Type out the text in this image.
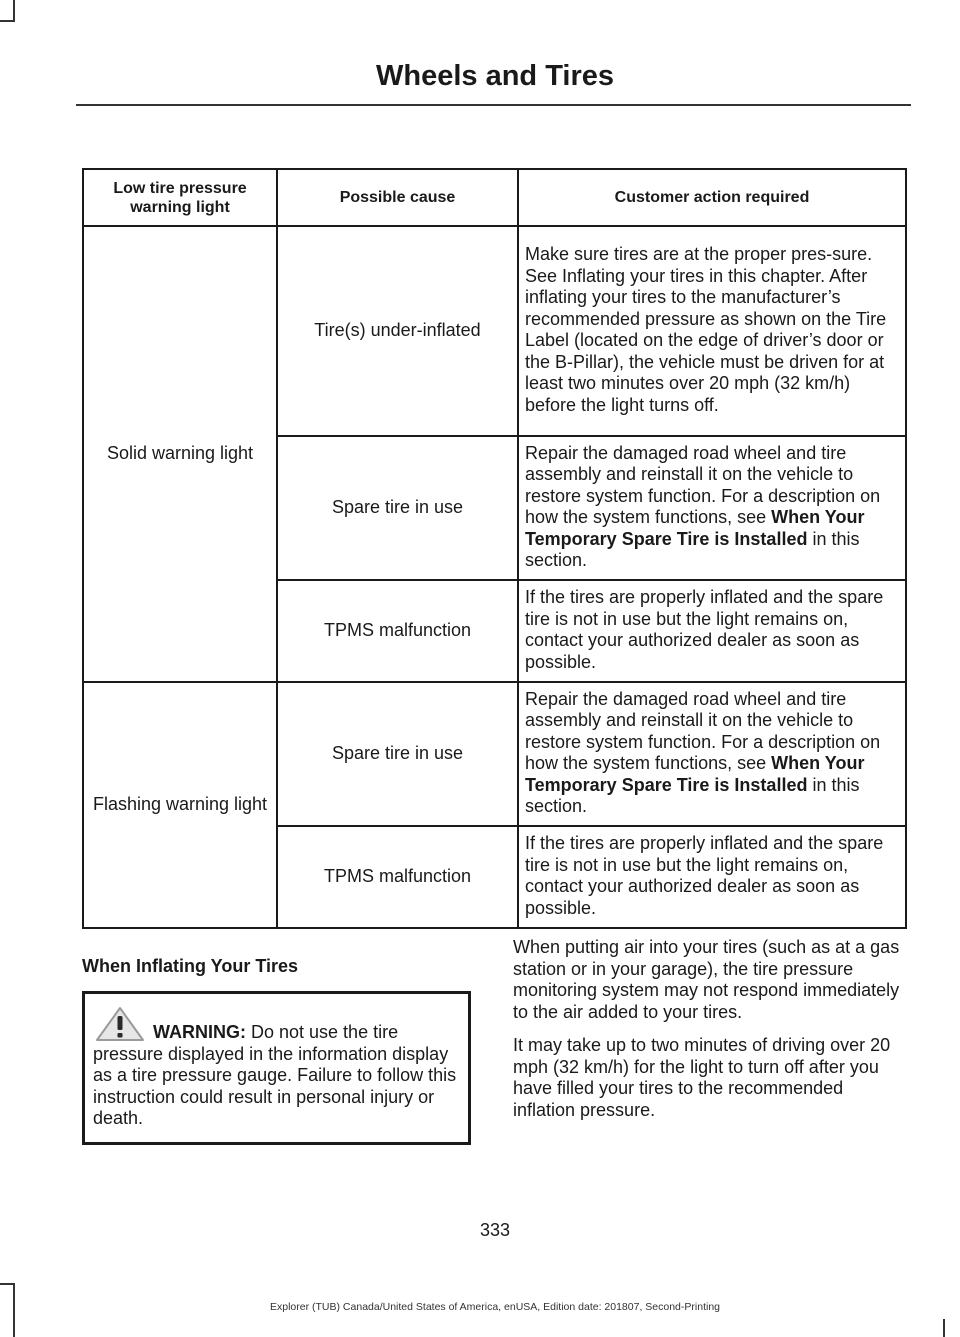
Wheels and Tires
Low tire pressure warning light	Possible cause	Customer action required
Solid warning light	Tire(s) under-inflated	Make sure tires are at the proper pres-sure. See Inflating your tires in this chapter. After inflating your tires to the manufacturer’s recommended pressure as shown on the Tire Label (located on the edge of driver’s door or the B-Pillar), the vehicle must be driven for at least two minutes over 20 mph (32 km/h) before the light turns off.
	Spare tire in use	Repair the damaged road wheel and tire assembly and reinstall it on the vehicle to restore system function. For a description on how the system functions, see When Your Temporary Spare Tire is Installed in this section.
	TPMS malfunction	If the tires are properly inflated and the spare tire is not in use but the light remains on, contact your authorized dealer as soon as possible.
Flashing warning light	Spare tire in use	Repair the damaged road wheel and tire assembly and reinstall it on the vehicle to restore system function. For a description on how the system functions, see When Your Temporary Spare Tire is Installed in this section.
	TPMS malfunction	If the tires are properly inflated and the spare tire is not in use but the light remains on, contact your authorized dealer as soon as possible.
When Inflating Your Tires
WARNING: Do not use the tire pressure displayed in the information display as a tire pressure gauge. Failure to follow this instruction could result in personal injury or death.

When putting air into your tires (such as at a gas station or in your garage), the tire pressure monitoring system may not respond immediately to the air added to your tires.

It may take up to two minutes of driving over 20 mph (32 km/h) for the light to turn off after you have filled your tires to the recommended inflation pressure.

333
Explorer (TUB) Canada/United States of America, enUSA, Edition date: 201807, Second-Printing
